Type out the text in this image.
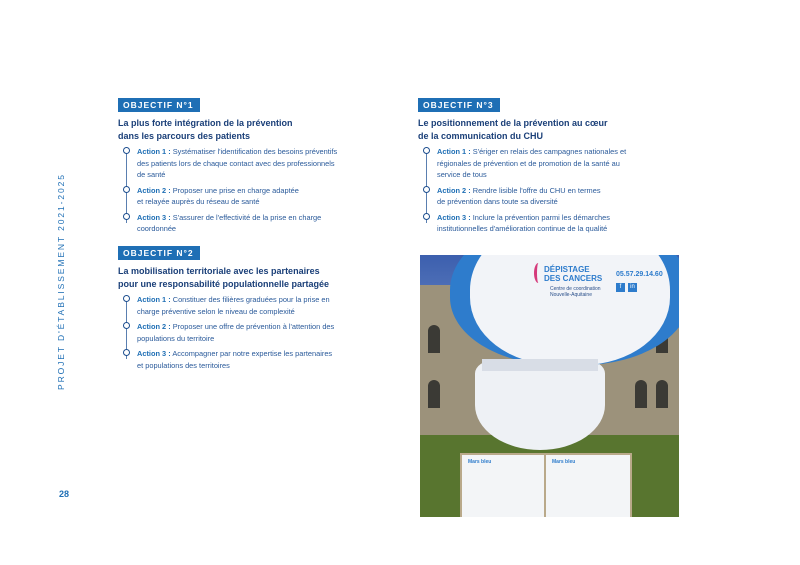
PROJET D'ÉTABLISSEMENT 2021-2025
28
OBJECTIF N°1
La plus forte intégration de la prévention
dans les parcours des patients
Action 1 : Systématiser l'identification des besoins préventifs
des patients lors de chaque contact avec des professionnels
de santé
Action 2 : Proposer une prise en charge adaptée
et relayée auprès du réseau de santé
Action 3 : S'assurer de l'effectivité de la prise en charge
coordonnée
OBJECTIF N°2
La mobilisation territoriale avec les partenaires
pour une responsabilité populationnelle partagée
Action 1 : Constituer des filières graduées pour la prise en
charge préventive selon le niveau de complexité
Action 2 : Proposer une offre de prévention à l'attention des
populations du territoire
Action 3 : Accompagner par notre expertise les partenaires
et populations des territoires
OBJECTIF N°3
Le positionnement de la prévention au cœur
de la communication du CHU
Action 1 : S'ériger en relais des campagnes nationales et
régionales de prévention et de promotion de la santé au
service de tous
Action 2 : Rendre lisible l'offre du CHU en termes
de prévention dans toute sa diversité
Action 3 : Inclure la prévention parmi les démarches
institutionnelles d'amélioration continue de la qualité
DÉPISTAGE
DES CANCERS
Centre de coordination
Nouvelle-Aquitaine
05.57.29.14.60
f	in
Mars bleu	Mars bleu
